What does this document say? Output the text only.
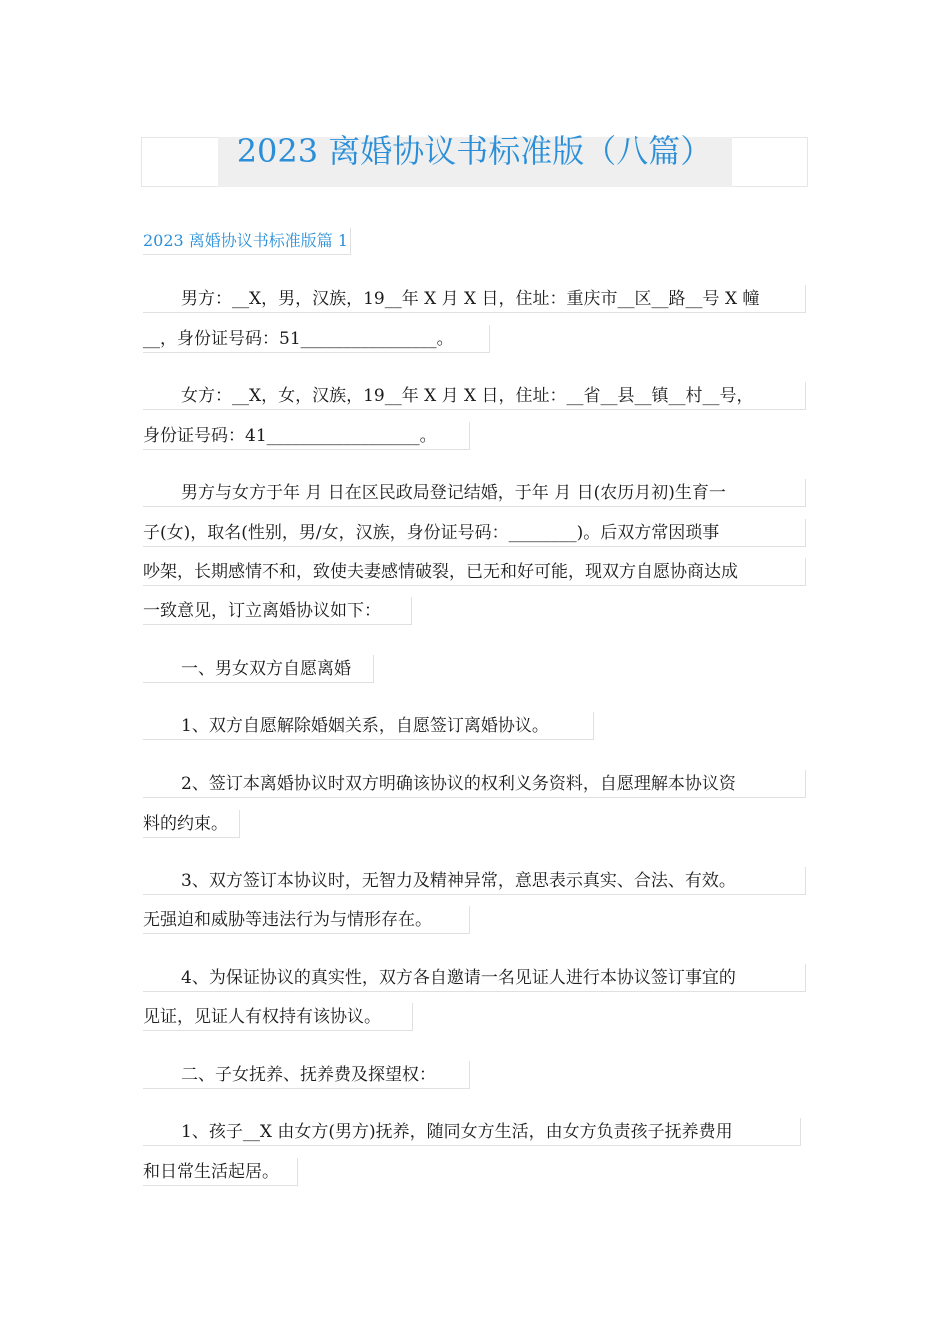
2023 离婚协议书标准版（八篇）
2023 离婚协议书标准版篇 1
男方：__X，男，汉族，19__年 X 月 X 日，住址：重庆市__区__路__号 X 幢
__，身份证号码：51________________。
女方：__X，女，汉族，19__年 X 月 X 日，住址：__省__县__镇__村__号，
身份证号码：41__________________。
男方与女方于年 月 日在区民政局登记结婚，于年 月 日(农历月初)生育一
子(女)，取名(性别，男/女，汉族，身份证号码：________)。后双方常因琐事
吵架，长期感情不和，致使夫妻感情破裂，已无和好可能，现双方自愿协商达成
一致意见，订立离婚协议如下：
一、男女双方自愿离婚
1、双方自愿解除婚姻关系，自愿签订离婚协议。
2、签订本离婚协议时双方明确该协议的权利义务资料，自愿理解本协议资
料的约束。
3、双方签订本协议时，无智力及精神异常，意思表示真实、合法、有效。
无强迫和威胁等违法行为与情形存在。
4、为保证协议的真实性，双方各自邀请一名见证人进行本协议签订事宜的
见证，见证人有权持有该协议。
二、子女抚养、抚养费及探望权：
1、孩子__X 由女方(男方)抚养，随同女方生活，由女方负责孩子抚养费用
和日常生活起居。
